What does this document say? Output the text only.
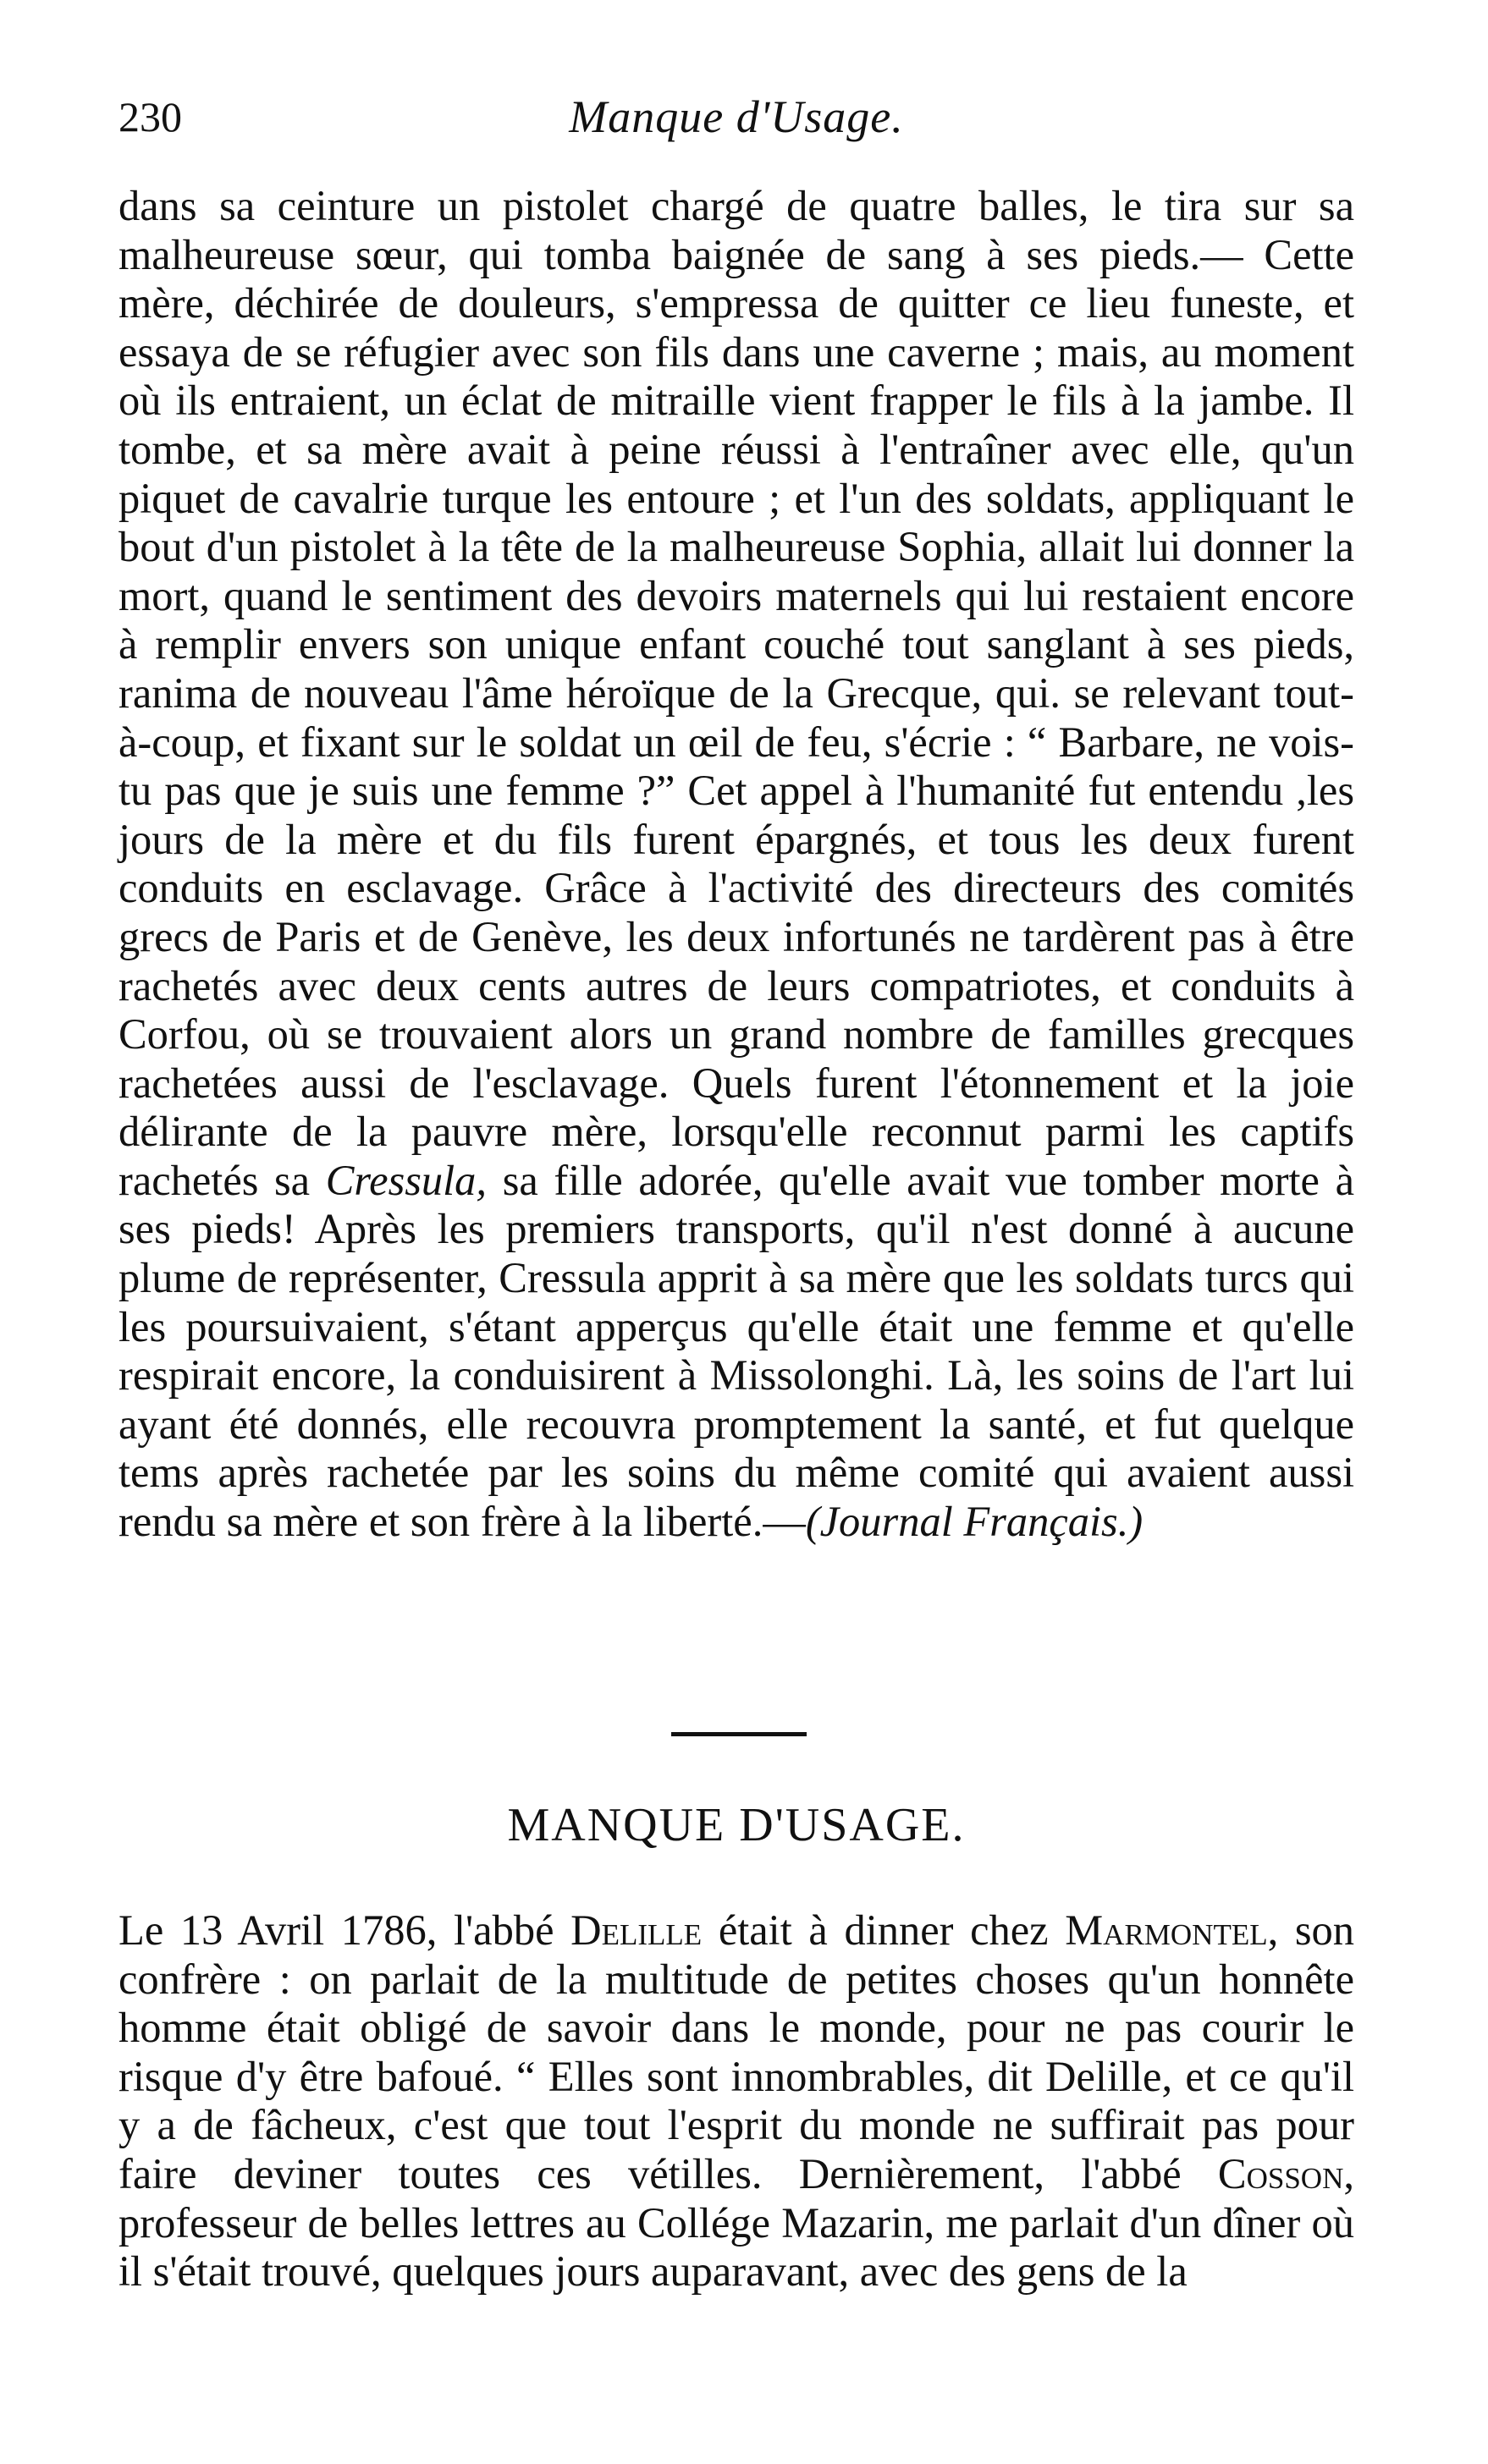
230	Manque d'Usage.

dans sa ceinture un pistolet chargé de quatre balles, le tira sur sa malheureuse sœur, qui tomba baignée de sang à ses pieds.— Cette mère, déchirée de douleurs, s'empressa de quitter ce lieu funeste, et essaya de se réfugier avec son fils dans une caverne ; mais, au moment où ils entraient, un éclat de mitraille vient frapper le fils à la jambe. Il tombe, et sa mère avait à peine réussi à l'entraîner avec elle, qu'un piquet de cavalrie turque les entoure ; et l'un des soldats, appliquant le bout d'un pistolet à la tête de la malheureuse Sophia, allait lui donner la mort, quand le sentiment des devoirs maternels qui lui restaient encore à remplir envers son unique enfant couché tout sanglant à ses pieds, ranima de nouveau l'âme héroïque de la Grecque, qui. se relevant tout-à-coup, et fixant sur le soldat un œil de feu, s'écrie : “ Barbare, ne vois-tu pas que je suis une femme ?” Cet appel à l'humanité fut entendu ,les jours de la mère et du fils furent épargnés, et tous les deux furent conduits en esclavage. Grâce à l'activité des directeurs des comités grecs de Paris et de Genève, les deux infortunés ne tardèrent pas à être rachetés avec deux cents autres de leurs compatriotes, et conduits à Corfou, où se trouvaient alors un grand nombre de familles grecques rachetées aussi de l'esclavage. Quels furent l'étonnement et la joie délirante de la pauvre mère, lorsqu'elle reconnut parmi les captifs rachetés sa Cressula, sa fille adorée, qu'elle avait vue tomber morte à ses pieds! Après les premiers transports, qu'il n'est donné à aucune plume de représenter, Cressula apprit à sa mère que les soldats turcs qui les poursuivaient, s'étant apperçus qu'elle était une femme et qu'elle respirait encore, la conduisirent à Missolonghi. Là, les soins de l'art lui ayant été donnés, elle recouvra promptement la santé, et fut quelque tems après rachetée par les soins du même comité qui avaient aussi rendu sa mère et son frère à la liberté.—(Journal Français.)

MANQUE D'USAGE.

Le 13 Avril 1786, l'abbé Delille était à dinner chez Marmontel, son confrère : on parlait de la multitude de petites choses qu'un honnête homme était obligé de savoir dans le monde, pour ne pas courir le risque d'y être bafoué. “ Elles sont innombrables, dit Delille, et ce qu'il y a de fâcheux, c'est que tout l'esprit du monde ne suffirait pas pour faire deviner toutes ces vétilles. Dernièrement, l'abbé Cosson, professeur de belles lettres au Collége Mazarin, me parlait d'un dîner où il s'était trouvé, quelques jours auparavant, avec des gens de la
